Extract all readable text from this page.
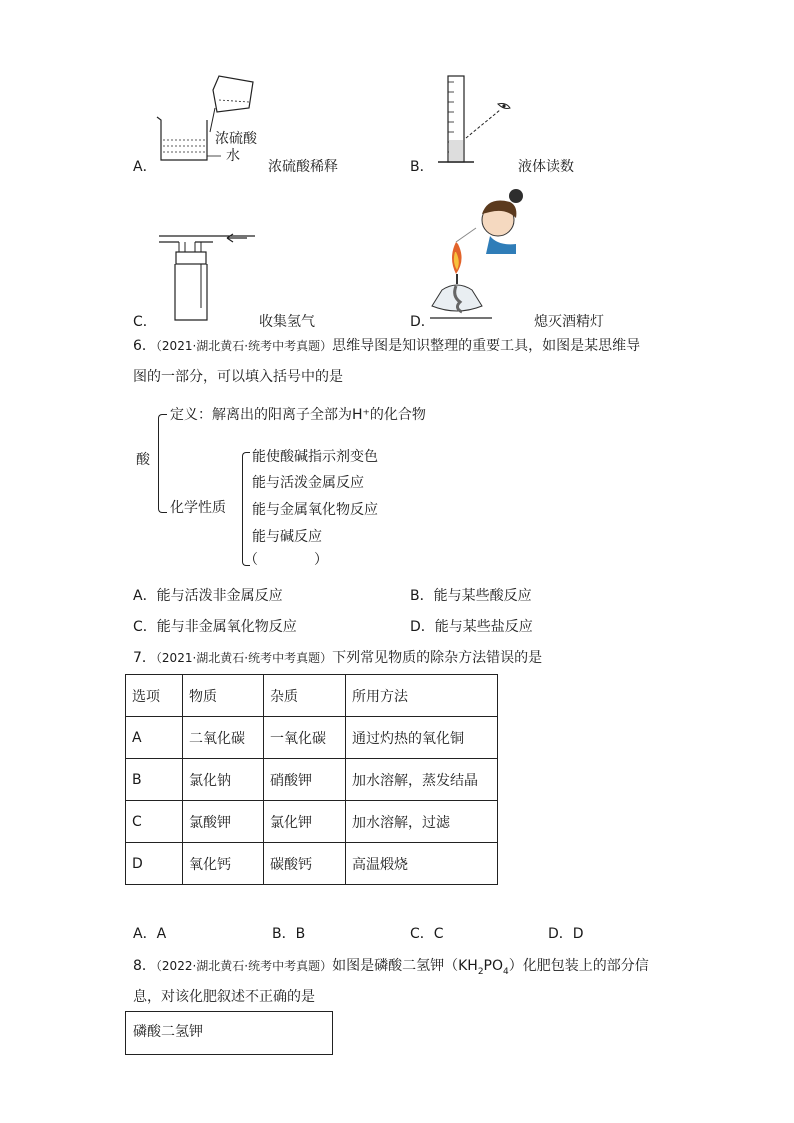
A．
浓硫酸
水
浓硫酸稀释	B．	液体读数
C．	收集氢气	D．	熄灭酒精灯
6．（2021·湖北黄石·统考中考真题）思维导图是知识整理的重要工具，如图是某思维导
图的一部分，可以填入括号中的是
酸
定义：解离出的阳离子全部为H⁺的化合物
化学性质
能使酸碱指示剂变色
能与活泼金属反应
能与金属氧化物反应
能与碱反应
（　　　　）
A．能与活泼非金属反应	B．能与某些酸反应
C．能与非金属氧化物反应	D．能与某些盐反应
7．（2021·湖北黄石·统考中考真题）下列常见物质的除杂方法错误的是
选项	物质	杂质	所用方法
A	二氧化碳	一氧化碳	通过灼热的氧化铜
B	氯化钠	硝酸钾	加水溶解，蒸发结晶
C	氯酸钾	氯化钾	加水溶解，过滤
D	氧化钙	碳酸钙	高温煅烧
A．A	B．B	C．C	D．D
8．（2022·湖北黄石·统考中考真题）如图是磷酸二氢钾$(KH_2PO_4)$化肥包装上的部分信
息，对该化肥叙述不正确的是
磷酸二氢钾
